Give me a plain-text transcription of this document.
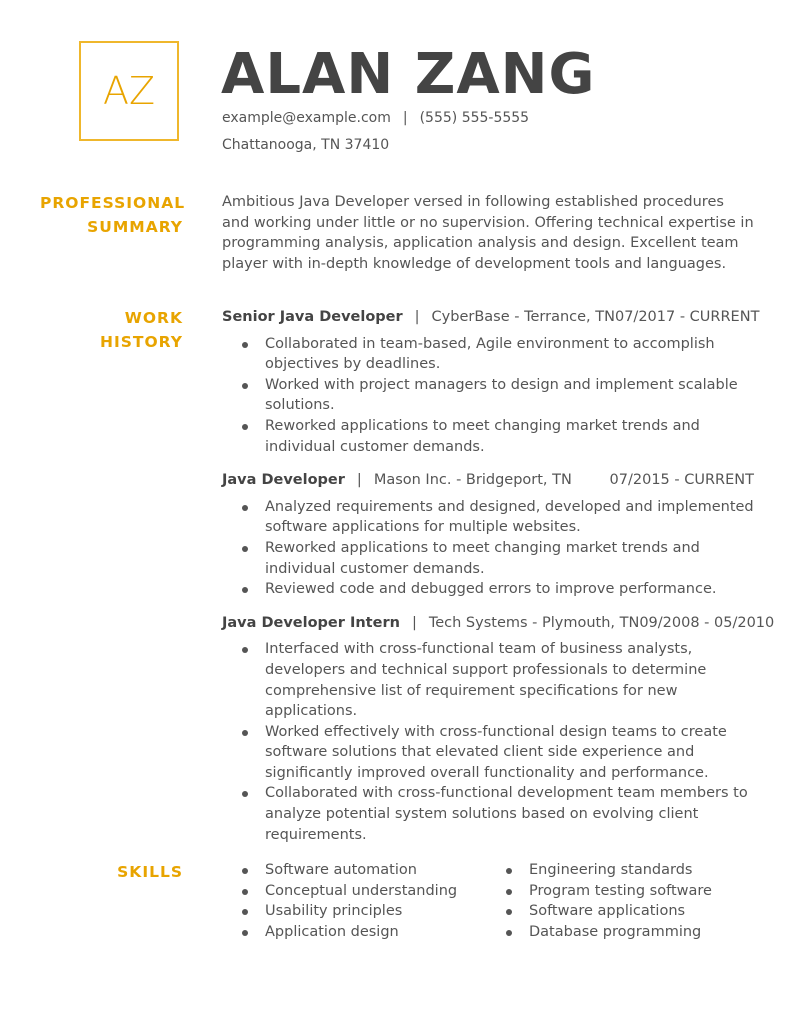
AZ ALAN ZANG
example@example.com | (555) 555-5555
Chattanooga, TN 37410
PROFESSIONAL
SUMMARY
Ambitious Java Developer versed in following established procedures and working under little or no supervision. Offering technical expertise in programming analysis, application analysis and design. Excellent team player with in-depth knowledge of development tools and languages.
WORK HISTORY
Senior Java Developer | CyberBase - Terrance, TN 07/2017 - CURRENT
Collaborated in team-based, Agile environment to accomplish objectives by deadlines.
Worked with project managers to design and implement scalable solutions.
Reworked applications to meet changing market trends and individual customer demands.
Java Developer | Mason Inc. - Bridgeport, TN	07/2015 - CURRENT
Analyzed requirements and designed, developed and implemented software applications for multiple websites.
Reworked applications to meet changing market trends and individual customer demands.
Reviewed code and debugged errors to improve performance.
Java Developer Intern | Tech Systems - Plymouth, TN 09/2008 - 05/2010
Interfaced with cross-functional team of business analysts, developers and technical support professionals to determine comprehensive list of requirement specifications for new applications.
Worked effectively with cross-functional design teams to create software solutions that elevated client side experience and significantly improved overall functionality and performance.
Collaborated with cross-functional development team members to analyze potential system solutions based on evolving client requirements.
SKILLS	Software automation
Conceptual understanding
Usability principles
Application design
Engineering standards
Program testing software
Software applications
Database programming
